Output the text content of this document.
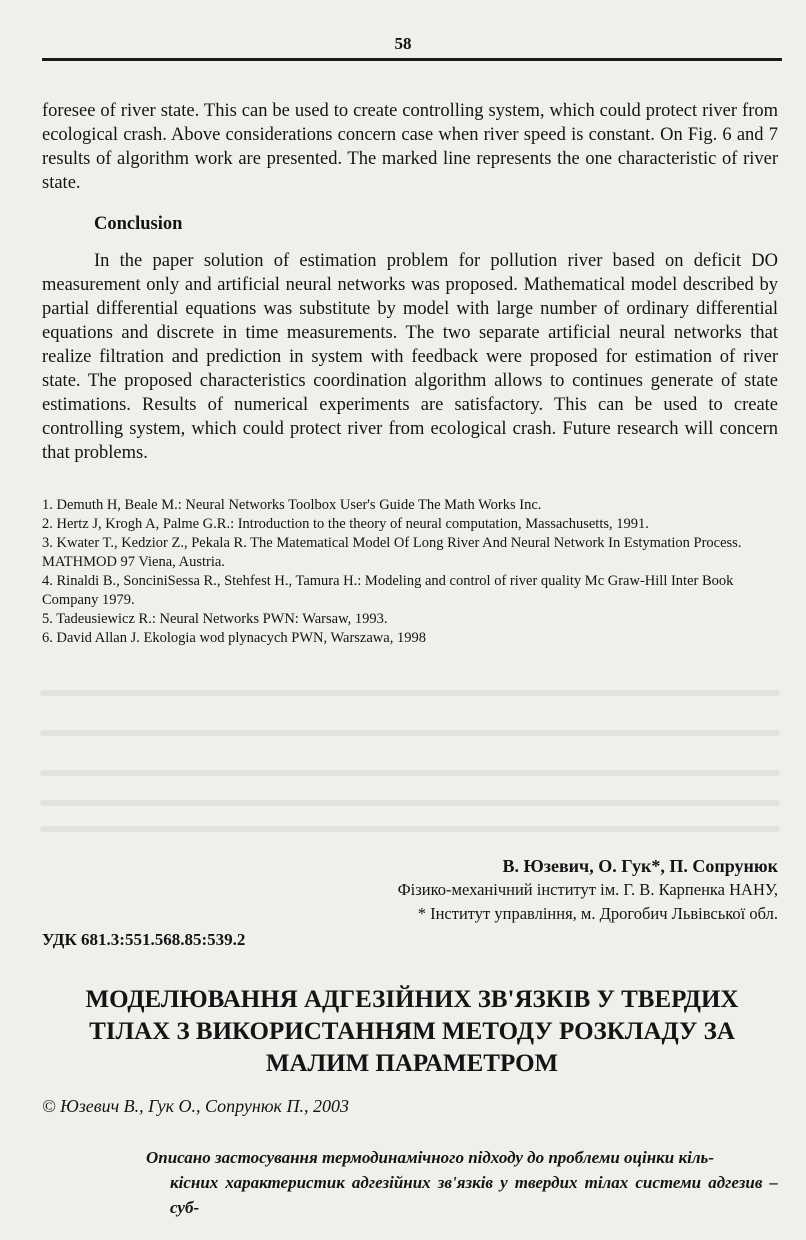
58

foresee of river state. This can be used to create controlling system, which could protect river from ecological crash. Above considerations concern case when river speed is constant. On Fig. 6 and 7 results of algorithm work are presented. The marked line represents the one characteristic of river state.

Conclusion

In the paper solution of estimation problem for pollution river based on deficit DO measurement only and artificial neural networks was proposed. Mathematical model described by partial differential equations was substitute by model with large number of ordinary differential equations and discrete in time measurements. The two separate artificial neural networks that realize filtration and prediction in system with feedback were proposed for estimation of river state. The proposed characteristics coordination algorithm allows to continues generate of state estimations. Results of numerical experiments are satisfactory. This can be used to create controlling system, which could protect river from ecological crash. Future research will concern that problems.

1. Demuth H, Beale M.: Neural Networks Toolbox User's Guide The Math Works Inc.
2. Hertz J, Krogh A, Palme G.R.: Introduction to the theory of neural computation, Massachusetts, 1991.
3. Kwater T., Kedzior Z., Pekala R. The Matematical Model Of Long River And Neural Network In Estymation Process. MATHMOD 97 Viena, Austria.
4. Rinaldi B., SonciniSessa R., Stehfest H., Tamura H.: Modeling and control of river quality Mc Graw-Hill Inter Book Company 1979.
5. Tadeusiewicz R.: Neural Networks PWN: Warsaw, 1993.
6. David Allan J. Ekologia wod plynacych PWN, Warszawa, 1998
В. Юзевич, О. Гук*, П. Сопрунюк
Фізико-механічний інститут ім. Г. В. Карпенка НАНУ,
* Інститут управління, м. Дрогобич Львівської обл.
УДК 681.3:551.568.85:539.2
МОДЕЛЮВАННЯ АДГЕЗІЙНИХ ЗВ'ЯЗКІВ У ТВЕРДИХ
ТІЛАХ З ВИКОРИСТАННЯМ МЕТОДУ РОЗКЛАДУ ЗА
МАЛИМ ПАРАМЕТРОМ
© Юзевич В., Гук О., Сопрунюк П., 2003
Описано застосування термодинамічного підходу до проблеми оцінки кіль-
кісних характеристик адгезійних зв'язків у твердих тілах системи адгезив – суб-
